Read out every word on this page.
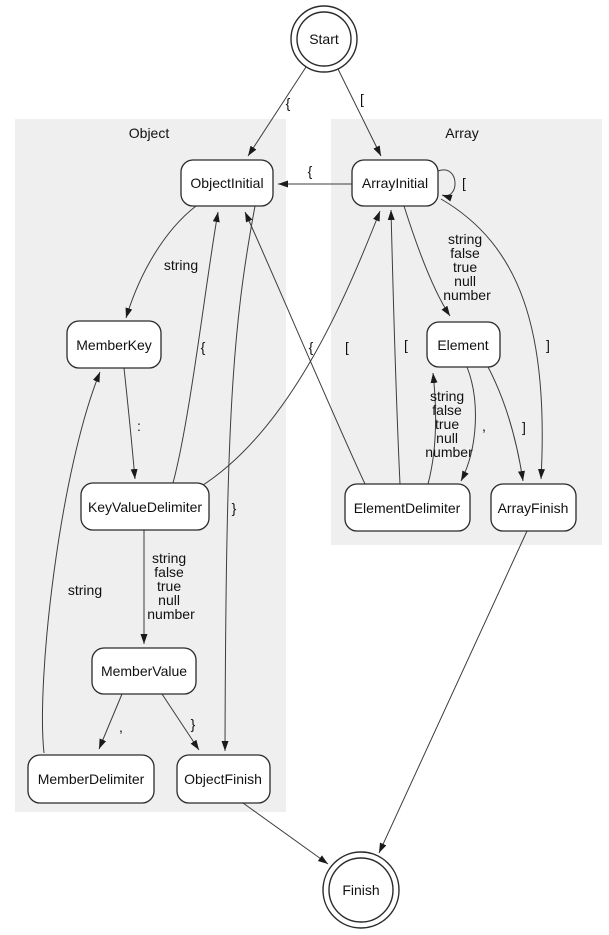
Object	Array
{	[
{
[
string false true null number
]
string
}
:
string false true null number
{	[
,	}
string
,	]
string false true null number
[
{
Start
ObjectInitial	ArrayInitial
MemberKey	Element
KeyValueDelimiter	ElementDelimiter	ArrayFinish
MemberValue
MemberDelimiter	ObjectFinish
Finish
